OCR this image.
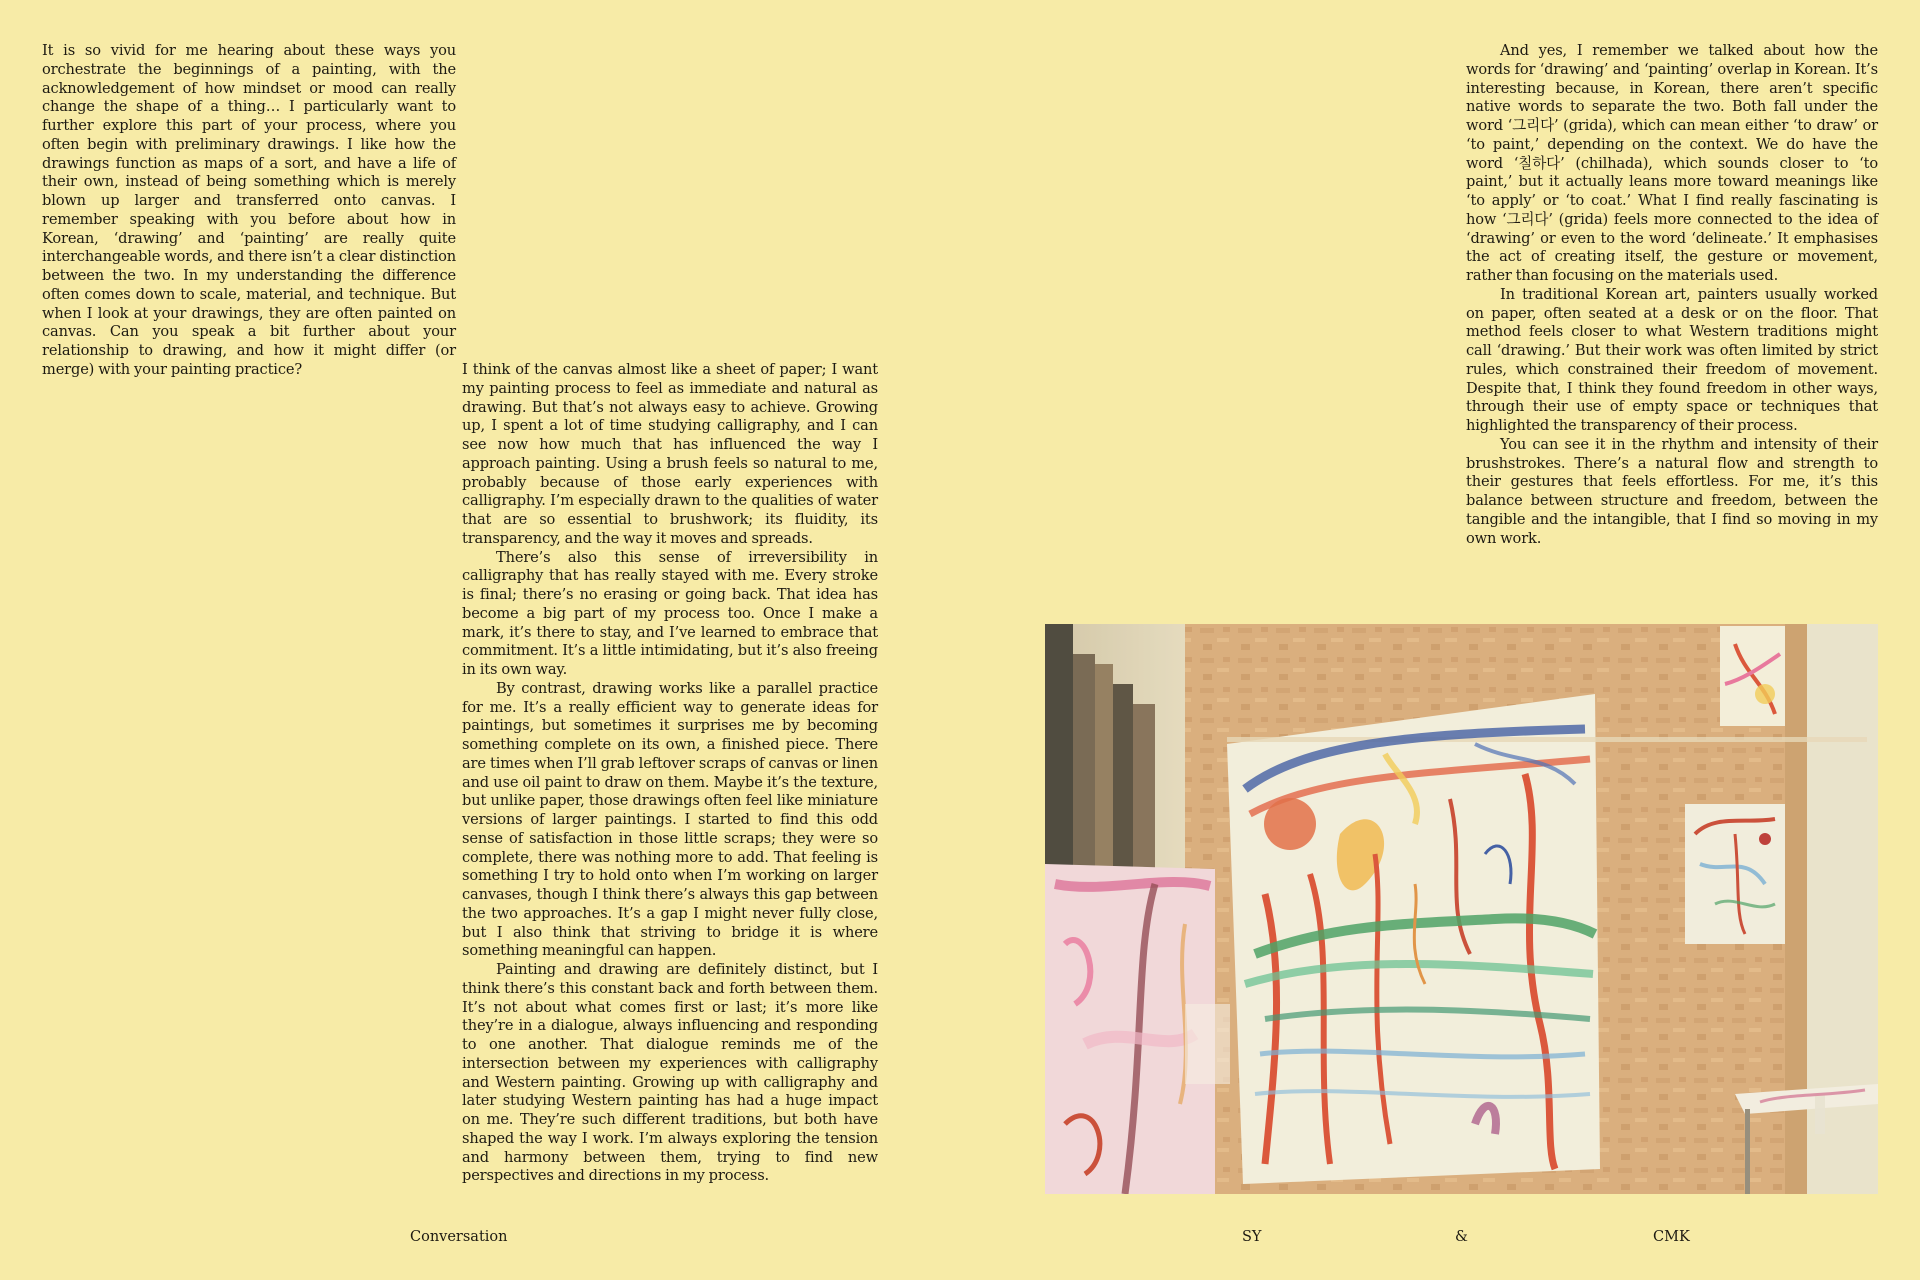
It is so vivid for me hearing about these ways you orchestrate the beginnings of a painting, with the acknowledgement of how mindset or mood can really change the shape of a thing… I particularly want to further explore this part of your process, where you often begin with preliminary drawings. I like how the drawings function as maps of a sort, and have a life of their own, instead of being something which is merely blown up larger and transferred onto canvas. I remember speaking with you before about how in Korean, ‘drawing’ and ‘painting’ are really quite interchangeable words, and there isn’t a clear distinction between the two. In my understanding the difference often comes down to scale, material, and technique. But when I look at your drawings, they are often painted on canvas. Can you speak a bit further about your relationship to drawing, and how it might differ (or merge) with your painting practice?	I think of the canvas almost like a sheet of paper; I want my painting process to feel as immediate and natural as drawing. But that’s not always easy to achieve. Growing up, I spent a lot of time studying calligraphy, and I can see now how much that has influenced the way I approach painting. Using a brush feels so natural to me, probably because of those early experiences with calligraphy. I’m especially drawn to the qualities of water that are so essential to brushwork; its fluidity, its transparency, and the way it moves and spreads.

There’s also this sense of irreversibility in calligraphy that has really stayed with me. Every stroke is final; there’s no erasing or going back. That idea has become a big part of my process too. Once I make a mark, it’s there to stay, and I’ve learned to embrace that commitment. It’s a little intimidating, but it’s also freeing in its own way.

By contrast, drawing works like a parallel practice for me. It’s a really efficient way to generate ideas for paintings, but sometimes it surprises me by becoming something complete on its own, a finished piece. There are times when I’ll grab leftover scraps of canvas or linen and use oil paint to draw on them. Maybe it’s the texture, but unlike paper, those drawings often feel like miniature versions of larger paintings. I started to find this odd sense of satisfaction in those little scraps; they were so complete, there was nothing more to add. That feeling is something I try to hold onto when I’m working on larger canvases, though I think there’s always this gap between the two approaches. It’s a gap I might never fully close, but I also think that striving to bridge it is where something meaningful can happen.

Painting and drawing are definitely distinct, but I think there’s this constant back and forth between them. It’s not about what comes first or last; it’s more like they’re in a dialogue, always influencing and responding to one another. That dialogue reminds me of the intersection between my experiences with calligraphy and Western painting. Growing up with calligraphy and later studying Western painting has had a huge impact on me. They’re such different traditions, but both have shaped the way I work. I’m always exploring the tension and harmony between them, trying to find new perspectives and directions in my process.

And yes, I remember we talked about how the words for ‘drawing’ and ‘painting’ overlap in Korean. It’s interesting because, in Korean, there aren’t specific native words to separate the two. Both fall under the word ‘그리다’ (grida), which can mean either ‘to draw’ or ‘to paint,’ depending on the context. We do have the word ‘칠하다’ (chilhada), which sounds closer to ‘to paint,’ but it actually leans more toward meanings like ‘to apply’ or ‘to coat.’ What I find really fascinating is how ‘그리다’ (grida) feels more connected to the idea of ‘drawing’ or even to the word ‘delineate.’ It emphasises the act of creating itself, the gesture or movement, rather than focusing on the materials used.

In traditional Korean art, painters usually worked on paper, often seated at a desk or on the floor. That method feels closer to what Western traditions might call ‘drawing.’ But their work was often limited by strict rules, which constrained their freedom of movement. Despite that, I think they found freedom in other ways, through their use of empty space or techniques that highlighted the transparency of their process.

You can see it in the rhythm and intensity of their brushstrokes. There’s a natural flow and strength to their gestures that feels effortless. For me, it’s this balance between structure and freedom, between the tangible and the intangible, that I find so moving in my own work.

Conversation	SY	&	CMK
